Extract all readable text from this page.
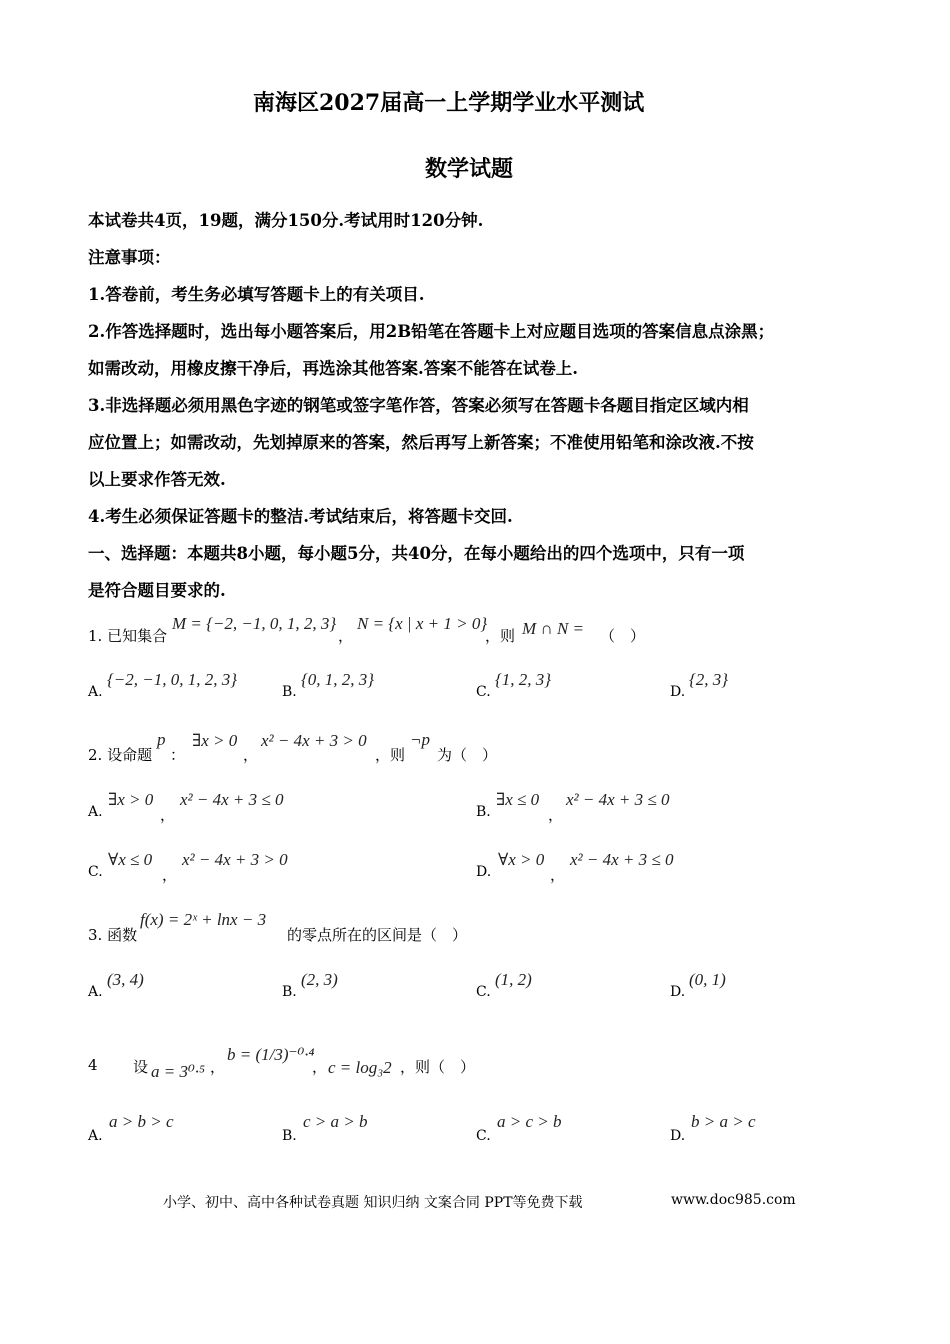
南海区2027届高一上学期学业水平测试
数学试题
本试卷共4页，19题，满分150分.考试用时120分钟.
注意事项：
1.答卷前，考生务必填写答题卡上的有关项目.
2.作答选择题时，选出每小题答案后，用2B铅笔在答题卡上对应题目选项的答案信息点涂黑；
如需改动，用橡皮擦干净后，再选涂其他答案.答案不能答在试卷上.
3.非选择题必须用黑色字迹的钢笔或签字笔作答，答案必须写在答题卡各题目指定区域内相
应位置上；如需改动，先划掉原来的答案，然后再写上新答案；不准使用铅笔和涂改液.不按
以上要求作答无效.
4.考生必须保证答题卡的整洁.考试结束后，将答题卡交回.
一、选择题：本题共8小题，每小题5分，共40分，在每小题给出的四个选项中，只有一项
是符合题目要求的.
1. 已知集合
M = {−2, −1, 0, 1, 2, 3}
，
N = {x | x + 1 > 0}
，则 M ∩ N = （　）
A.
{−2, −1, 0, 1, 2, 3}
B.
{0, 1, 2, 3}
C.
{1, 2, 3}
D.
{2, 3}
2. 设命题
p
：
∃x > 0
，
x² − 4x + 3 > 0
，则
¬p
为（　）
A.
∃x > 0
，
x² − 4x + 3 ≤ 0
B.
∃x ≤ 0
，
x² − 4x + 3 ≤ 0
C.
∀x ≤ 0
，
x² − 4x + 3 > 0
D.
∀x > 0
，
x² − 4x + 3 ≤ 0
3. 函数
f(x) = 2ˣ + lnx − 3
的零点所在的区间是（　）
A.
(3, 4)
B.
(2, 3)
C.
(1, 2)
D.
(0, 1)
4 设 a = 3⁰·⁵ ，
b = (1/3)⁻⁰·⁴
， c = log₃2 ，则（　）
A.
a > b > c
B.
c > a > b
C.
a > c > b
D.
b > a > c
小学、初中、高中各种试卷真题 知识归纳 文案合同 PPT等免费下载	www.doc985.com
